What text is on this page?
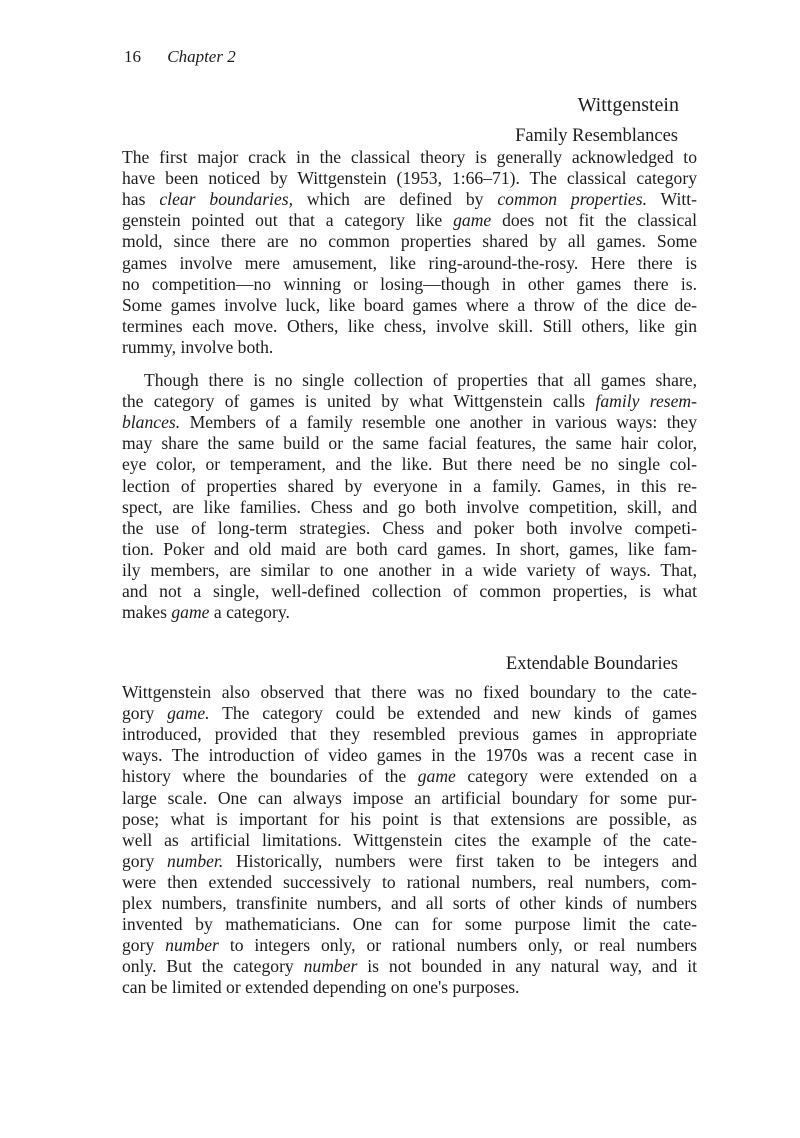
16 Chapter 2
Wittgenstein
Family Resemblances
The first major crack in the classical theory is generally acknowledged to
have been noticed by Wittgenstein (1953, 1:66–71). The classical category
has clear boundaries, which are defined by common properties. Witt-
genstein pointed out that a category like game does not fit the classical
mold, since there are no common properties shared by all games. Some
games involve mere amusement, like ring-around-the-rosy. Here there is
no competition—no winning or losing—though in other games there is.
Some games involve luck, like board games where a throw of the dice de-
termines each move. Others, like chess, involve skill. Still others, like gin
rummy, involve both.
Though there is no single collection of properties that all games share,
the category of games is united by what Wittgenstein calls family resem-
blances. Members of a family resemble one another in various ways: they
may share the same build or the same facial features, the same hair color,
eye color, or temperament, and the like. But there need be no single col-
lection of properties shared by everyone in a family. Games, in this re-
spect, are like families. Chess and go both involve competition, skill, and
the use of long-term strategies. Chess and poker both involve competi-
tion. Poker and old maid are both card games. In short, games, like fam-
ily members, are similar to one another in a wide variety of ways. That,
and not a single, well-defined collection of common properties, is what
makes game a category.
Extendable Boundaries
Wittgenstein also observed that there was no fixed boundary to the cate-
gory game. The category could be extended and new kinds of games
introduced, provided that they resembled previous games in appropriate
ways. The introduction of video games in the 1970s was a recent case in
history where the boundaries of the game category were extended on a
large scale. One can always impose an artificial boundary for some pur-
pose; what is important for his point is that extensions are possible, as
well as artificial limitations. Wittgenstein cites the example of the cate-
gory number. Historically, numbers were first taken to be integers and
were then extended successively to rational numbers, real numbers, com-
plex numbers, transfinite numbers, and all sorts of other kinds of numbers
invented by mathematicians. One can for some purpose limit the cate-
gory number to integers only, or rational numbers only, or real numbers
only. But the category number is not bounded in any natural way, and it
can be limited or extended depending on one's purposes.
